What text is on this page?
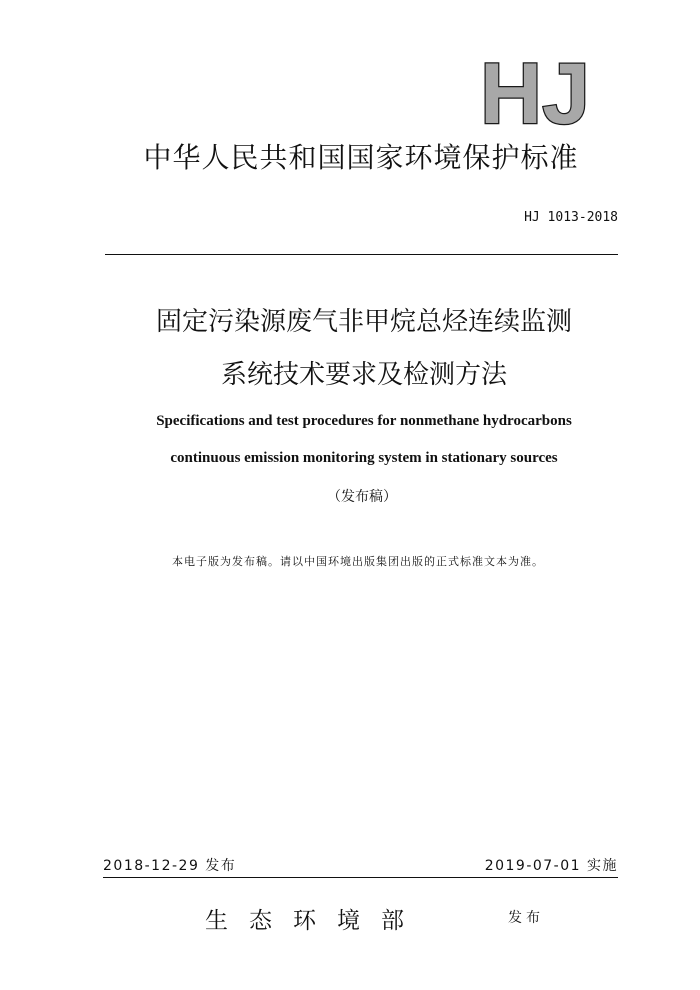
HJ
中华人民共和国国家环境保护标准
HJ 1013-2018
固定污染源废气非甲烷总烃连续监测
系统技术要求及检测方法
Specifications and test procedures for nonmethane hydrocarbons
continuous emission monitoring system in stationary sources
（发布稿）
本电子版为发布稿。请以中国环境出版集团出版的正式标准文本为准。
2018-12-29 发布	2019-07-01 实施
生态环境部	发布
